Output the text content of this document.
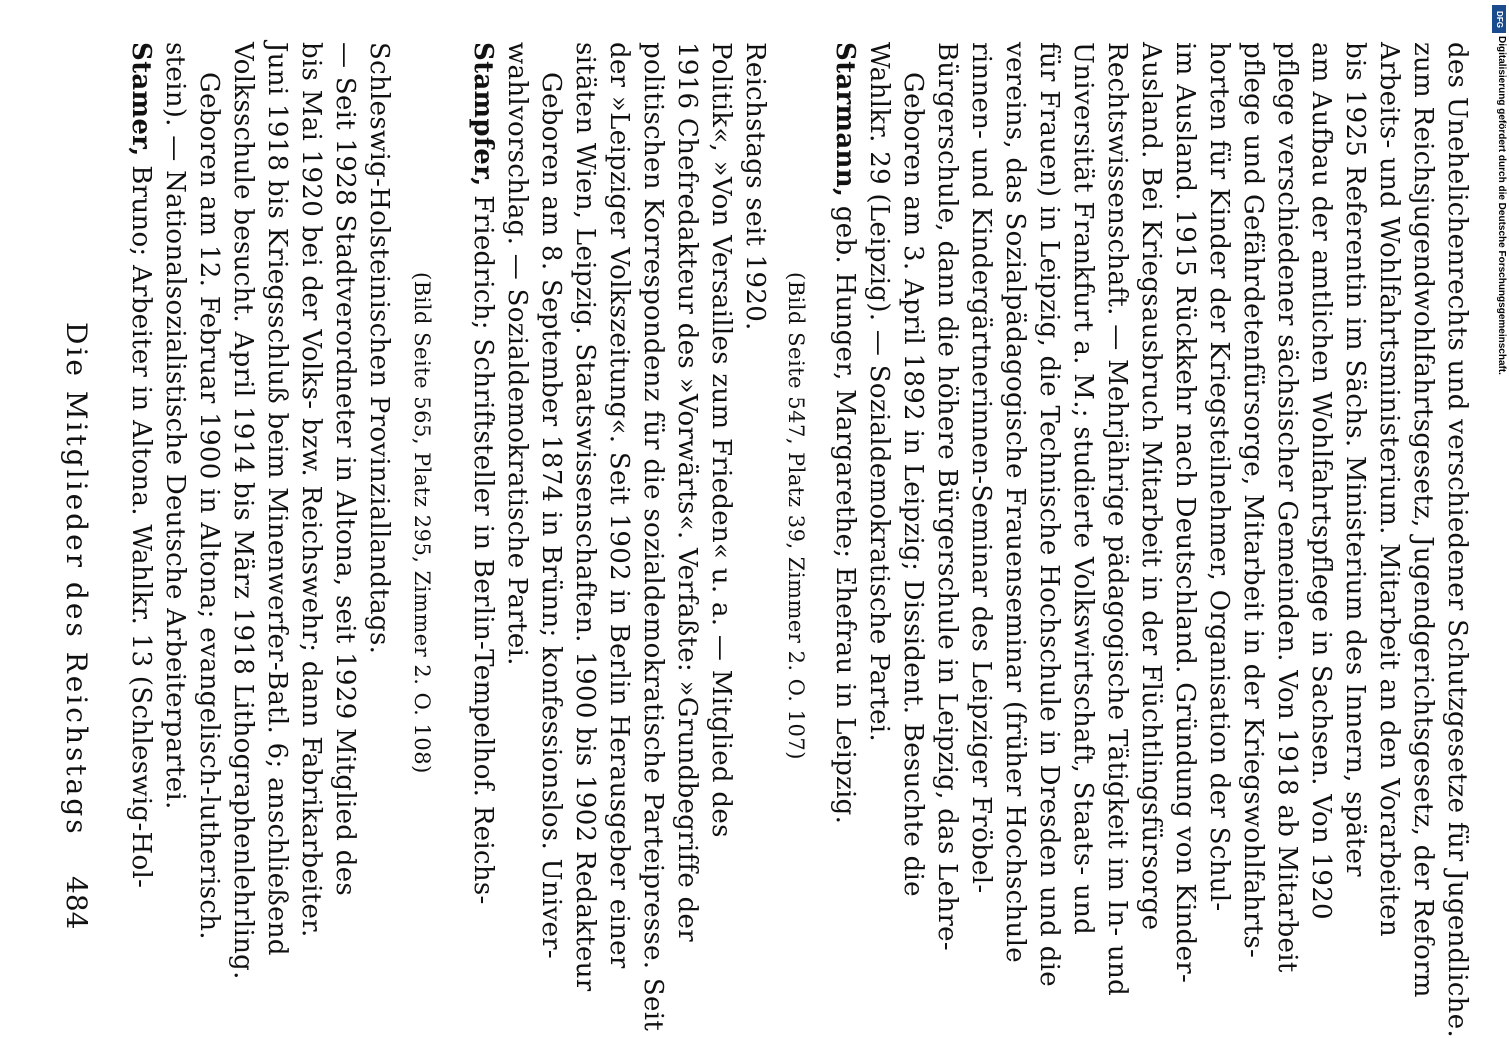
484
Die Mitglieder des Reichstags
Stamer, Bruno; Arbeiter in Altona. Wahlkr. 13 (Schleswig-Hol- stein). — Nationalsozialistische Deutsche Arbeiterpartei. Geboren am 12. Februar 1900 in Altona; evangelisch-lutherisch. Volksschule besucht. April 1914 bis März 1918 Lithographenlehrling. Juni 1918 bis Kriegsschluß beim Minenwerfer-Batl. 6; anschließend bis Mai 1920 bei der Volks- bzw. Reichswehr; dann Fabrikarbeiter. — Seit 1928 Stadtverordneter in Altona, seit 1929 Mitglied des Schleswig-Holsteinischen Provinziallandtags. (Bild Seite 565, Platz 295, Zimmer 2. O. 108)
Stampfer, Friedrich; Schriftsteller in Berlin-Tempelhof. Reichs- wahlvorschlag. — Sozialdemokratische Partei. Geboren am 8. September 1874 in Brünn; konfessionslos. Univer- sitäten Wien, Leipzig. Staatswissenschaften. 1900 bis 1902 Redakteur der »Leipziger Volkszeitung«. Seit 1902 in Berlin Herausgeber einer politischen Korrespondenz für die sozialdemokratische Parteipresse. Seit 1916 Chefredakteur des »Vorwärts«. Verfaßte: »Grundbegriffe der Politik«, »Von Versailles zum Frieden« u. a. — Mitglied des Reichstags seit 1920.
(Bild Seite 547, Platz 39, Zimmer 2. O. 107)
Starmann, geb. Hunger, Margarethe; Ehefrau in Leipzig. Wahlkr. 29 (Leipzig). — Sozialdemokratische Partei. Geboren am 3. April 1892 in Leipzig; Dissident. Besuchte die Bürgerschule, dann die höhere Bürgerschule in Leipzig, das Lehre- rinnen- und Kindergärtnerinnen-Seminar des Leipziger Fröbel- vereins, das Sozialpädagogische Frauenseminar (früher Hochschule für Frauen) in Leipzig, die Technische Hochschule in Dresden und die Universität Frankfurt a. M.; studierte Volkswirtschaft, Staats- und Rechtswissenschaft. — Mehrjährige pädagogische Tätigkeit im In- und Ausland. Bei Kriegsausbruch Mitarbeit in der Flüchtlingsfürsorge im Ausland. 1915 Rückkehr nach Deutschland. Gründung von Kinder- horten für Kinder der Kriegsteilnehmer, Organisation der Schul- pflege und Gefährdetenfürsorge, Mitarbeit in der Kriegswohlfahrts- pflege verschiedener sächsischer Gemeinden. Von 1918 ab Mitarbeit am Aufbau der amtlichen Wohlfahrtspflege in Sachsen. Von 1920 bis 1925 Referentin im Sächs. Ministerium des Innern, später Arbeits- und Wohlfahrtsministerium. Mitarbeit an den Vorarbeiten zum Reichsjugendwohlfahrtsgesetz, Jugendgerichtsgesetz, der Reform des Unehelichenrechts und verschiedener Schutzgesetze für Jugendliche.
DFG
Digitalisierung gefördert durch die Deutsche Forschungsgemeinschaft.
